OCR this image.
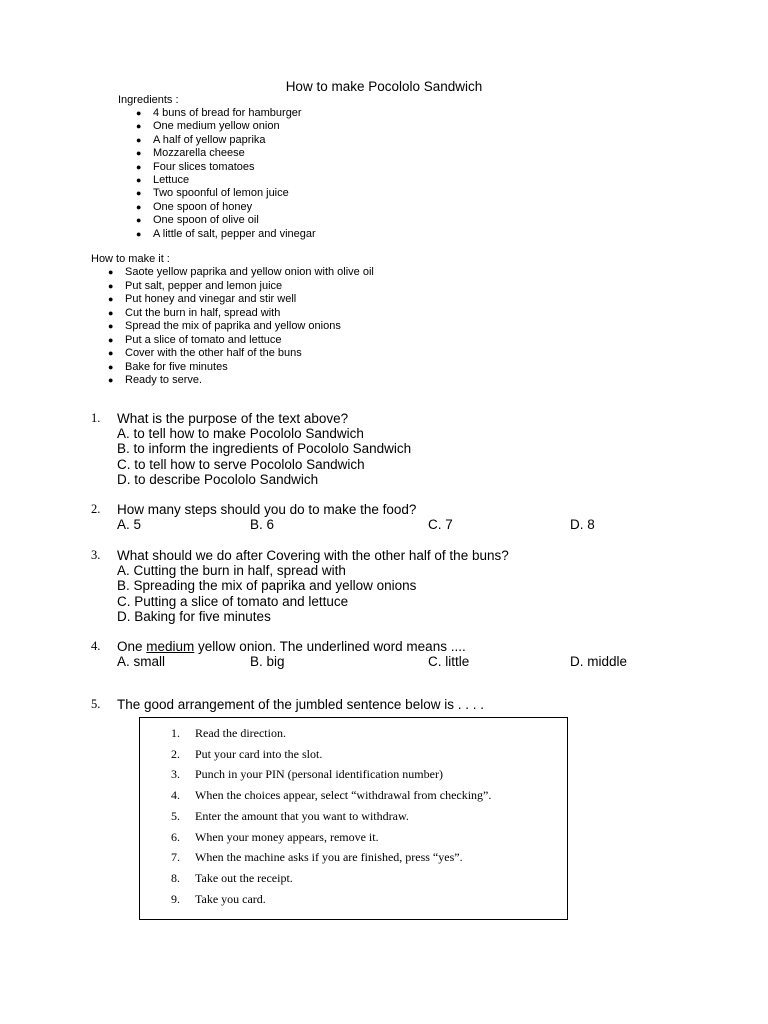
How to make Pocololo Sandwich
Ingredients :
● 4 buns of bread for hamburger
● One medium yellow onion
● A half of yellow paprika
● Mozzarella cheese
● Four slices tomatoes
● Lettuce
● Two spoonful of lemon juice
● One spoon of honey
● One spoon of olive oil
● A little of salt, pepper and vinegar
How to make it :
● Saote yellow paprika and yellow onion with olive oil
● Put salt, pepper and lemon juice
● Put honey and vinegar and stir well
● Cut the burn in half, spread with
● Spread the mix of paprika and yellow onions
● Put a slice of tomato and lettuce
● Cover with the other half of the buns
● Bake for five minutes
● Ready to serve.
1.	What is the purpose of the text above?
A. to tell how to make Pocololo Sandwich
B. to inform the ingredients of Pocololo Sandwich
C. to tell how to serve Pocololo Sandwich
D. to describe Pocololo Sandwich
2.	How many steps should you do to make the food?
A. 5	B. 6	C. 7	D. 8
3.	What should we do after Covering with the other half of the buns?
A. Cutting the burn in half, spread with
B. Spreading the mix of paprika and yellow onions
C. Putting a slice of tomato and lettuce
D. Baking for five minutes
4.	One medium yellow onion. The underlined word means ....
A. small	B. big	C. little	D. middle
5.	The good arrangement of the jumbled sentence below is . . . .
1. Read the direction.
2. Put your card into the slot.
3. Punch in your PIN (personal identification number)
4. When the choices appear, select “withdrawal from checking”.
5. Enter the amount that you want to withdraw.
6. When your money appears, remove it.
7. When the machine asks if you are finished, press “yes”.
8. Take out the receipt.
9. Take you card.
